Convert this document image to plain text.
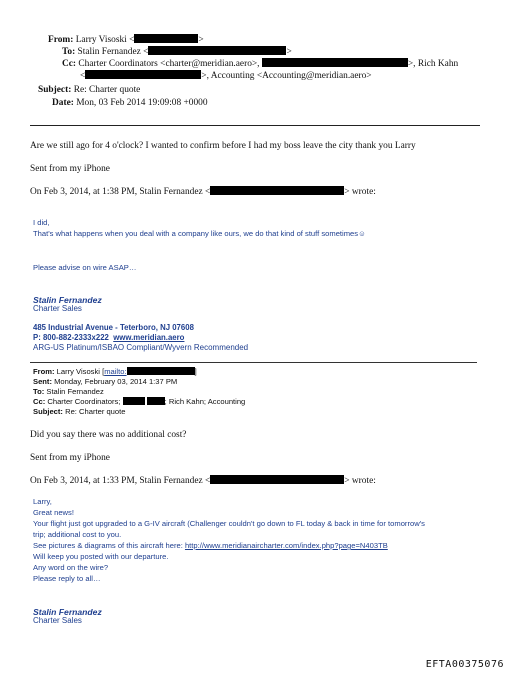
From: Larry Visoski <	>
To: Stalin Fernandez <	>
Cc: Charter Coordinators <charter@meridian.aero>,	>, Rich Kahn
<	>, Accounting <Accounting@meridian.aero>
Subject: Re: Charter quote
Date: Mon, 03 Feb 2014 19:09:08 +0000
Are we still ago for 4 o'clock? I wanted to confirm before I had my boss leave the city thank you Larry
Sent from my iPhone
On Feb 3, 2014, at 1:38 PM, Stalin Fernandez <	> wrote:
I did,
That's what happens when you deal with a company like ours, we do that kind of stuff sometimes☺
Please advise on wire ASAP…
Stalin Fernandez
Charter Sales
485 Industrial Avenue - Teterboro, NJ 07608
P: 800-882-2333x222 www.meridian.aero
ARG-US Platinum/ISBAO Compliant/Wyvern Recommended
From: Larry Visoski [mailto:	]
Sent: Monday, February 03, 2014 1:37 PM
To: Stalin Fernandez
Cc: Charter Coordinators;	; Rich Kahn; Accounting
Subject: Re: Charter quote
Did you say there was no additional cost?
Sent from my iPhone
On Feb 3, 2014, at 1:33 PM, Stalin Fernandez <	> wrote:
Larry,
Great news!
Your flight just got upgraded to a G-IV aircraft (Challenger couldn't go down to FL today & back in time for tomorrow's
trip; additional cost to you.
See pictures & diagrams of this aircraft here: http://www.meridianaircharter.com/index.php?page=N403TB
Will keep you posted with our departure.
Any word on the wire?
Please reply to all…
Stalin Fernandez
Charter Sales
EFTA00375076
